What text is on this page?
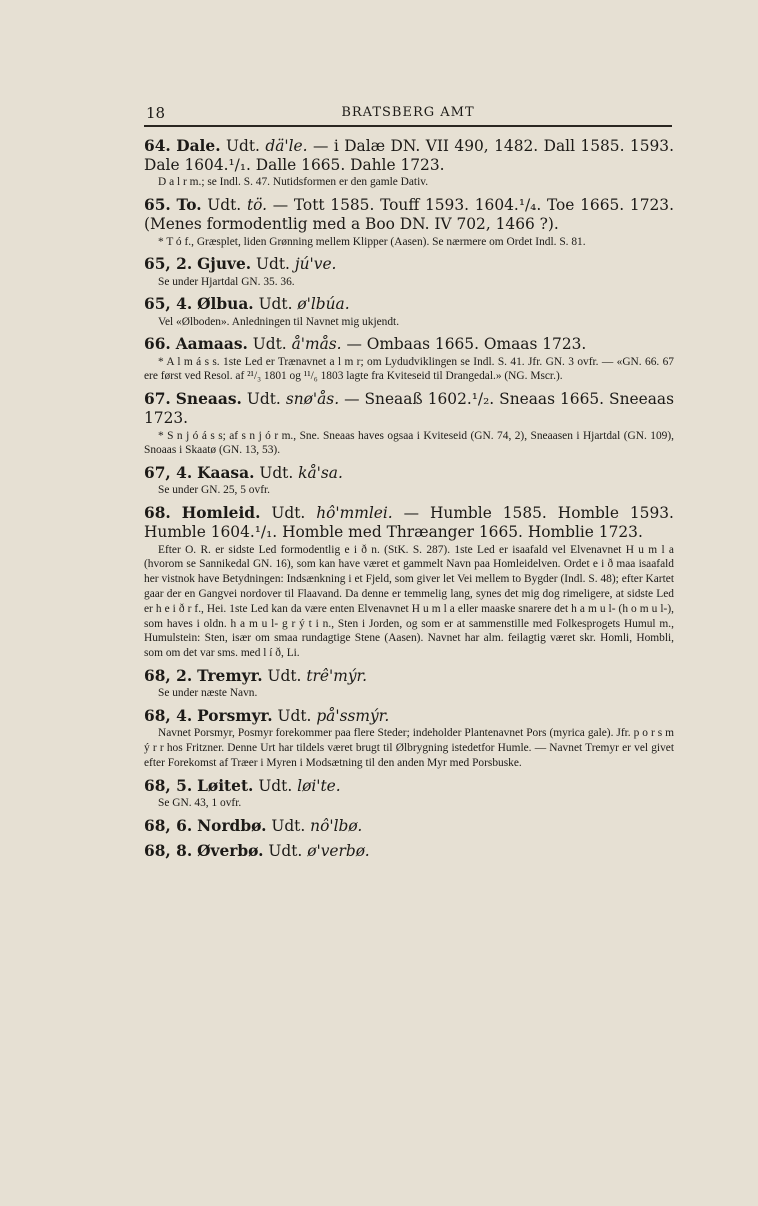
18	BRATSBERG AMT

64. Dale. Udt. dä'le. — i Dalæ DN. VII 490, 1482. Dall 1585. 1593. Dale 1604.¹/₁. Dalle 1665. Dahle 1723.

D a l r m.; se Indl. S. 47. Nutidsformen er den gamle Dativ.

65. To. Udt. tö. — Tott 1585. Touff 1593. 1604.¹/₄. Toe 1665. 1723. (Menes formodentlig med a Boo DN. IV 702, 1466 ?).

* T ó f., Græsplet, liden Grønning mellem Klipper (Aasen). Se nærmere om Ordet Indl. S. 81.

65, 2. Gjuve. Udt. jú've.

Se under Hjartdal GN. 35. 36.

65, 4. Ølbua. Udt. ø'lbúa.

Vel «Ølboden». Anledningen til Navnet mig ukjendt.

66. Aamaas. Udt. å'mås. — Ombaas 1665. Omaas 1723.

* A l m á s s. 1ste Led er Trænavnet a l m r; om Lydudviklingen se Indl. S. 41. Jfr. GN. 3 ovfr. — «GN. 66. 67 ere først ved Resol. af ²¹/₃ 1801 og ¹¹/₆ 1803 lagte fra Kviteseid til Drangedal.» (NG. Mscr.).

67. Sneaas. Udt. snø'ås. — Sneaaß 1602.¹/₂. Sneaas 1665. Sneeaas 1723.

* S n j ó á s s; af s n j ó r m., Sne. Sneaas haves ogsaa i Kviteseid (GN. 74, 2), Sneaasen i Hjartdal (GN. 109), Snoaas i Skaatø (GN. 13, 53).

67, 4. Kaasa. Udt. kå'sa.

Se under GN. 25, 5 ovfr.

68. Homleid. Udt. hô'mmlei. — Humble 1585. Homble 1593. Humble 1604.¹/₁. Homble med Thræanger 1665. Homblie 1723.

Efter O. R. er sidste Led formodentlig e i ð n. (StK. S. 287). 1ste Led er isaafald vel Elvenavnet H u m l a (hvorom se Sannikedal GN. 16), som kan have været et gammelt Navn paa Homleidelven. Ordet e i ð maa isaafald her vistnok have Betydningen: Indsænkning i et Fjeld, som giver let Vei mellem to Bygder (Indl. S. 48); efter Kartet gaar der en Gangvei nordover til Flaavand. Da denne er temmelig lang, synes det mig dog rimeligere, at sidste Led er h e i ð r f., Hei. 1ste Led kan da være enten Elvenavnet H u m l a eller maaske snarere det h a m u l- (h o m u l-), som haves i oldn. h a m u l- g r ý t i n., Sten i Jorden, og som er at sammenstille med Folkesprogets Humul m., Humulstein: Sten, især om smaa rundagtige Stene (Aasen). Navnet har alm. feilagtig været skr. Homli, Hombli, som om det var sms. med l í ð, Li.

68, 2. Tremyr. Udt. trê'mýr.

Se under næste Navn.

68, 4. Porsmyr. Udt. på'ssmýr.

Navnet Porsmyr, Posmyr forekommer paa flere Steder; indeholder Plantenavnet Pors (myrica gale). Jfr. p o r s m ý r r hos Fritzner. Denne Urt har tildels været brugt til Ølbrygning istedetfor Humle. — Navnet Tremyr er vel givet efter Forekomst af Træer i Myren i Modsætning til den anden Myr med Porsbuske.

68, 5. Løitet. Udt. løi'te.

Se GN. 43, 1 ovfr.

68, 6. Nordbø. Udt. nô'lbø.

68, 8. Øverbø. Udt. ø'verbø.
